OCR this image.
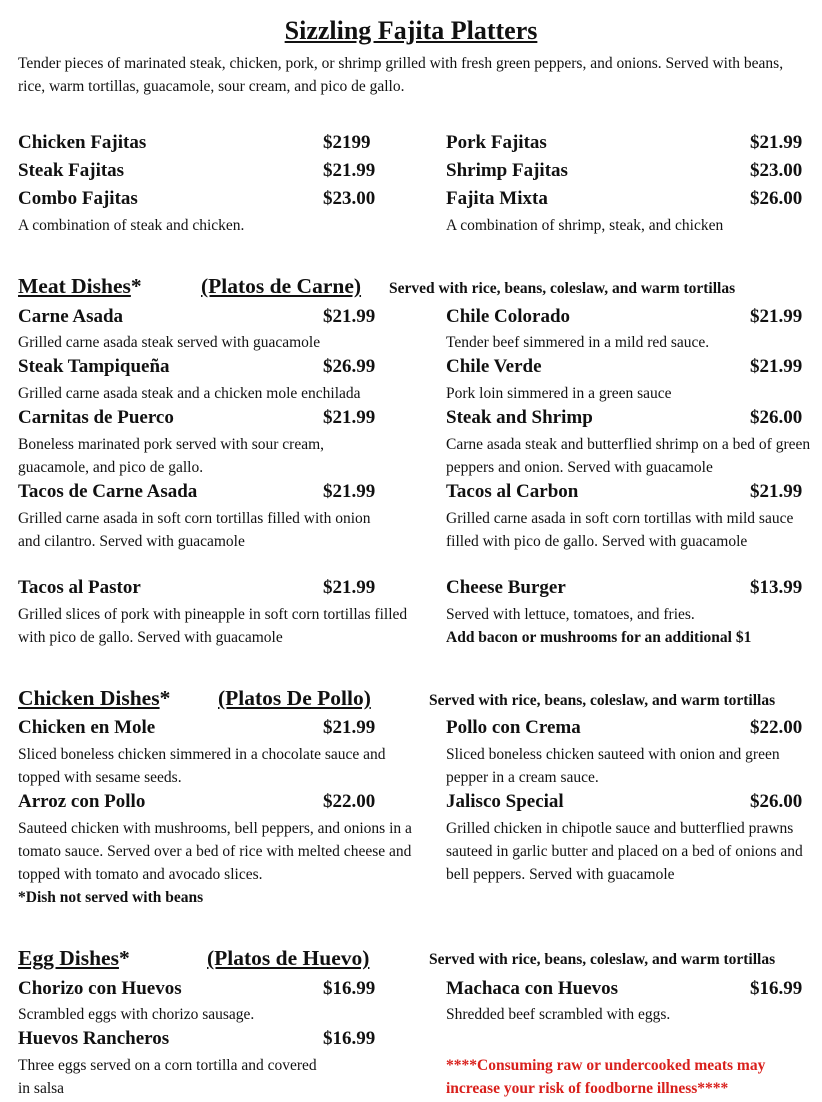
Sizzling Fajita Platters
Tender pieces of marinated steak, chicken, pork, or shrimp grilled with fresh green peppers, and onions. Served with beans, rice, warm tortillas, guacamole, sour cream, and pico de gallo.
Chicken Fajitas	$2199
Steak Fajitas	$21.99
Combo Fajitas	$23.00
A combination of steak and chicken.
Pork Fajitas	$21.99
Shrimp Fajitas	$23.00
Fajita Mixta	$26.00
A combination of shrimp, steak, and chicken
Meat Dishes*	(Platos de Carne) Served with rice, beans, coleslaw, and warm tortillas
Carne Asada	$21.99
Grilled carne asada steak served with guacamole
Steak Tampiqueña	$26.99
Grilled carne asada steak and a chicken mole enchilada
Carnitas de Puerco	$21.99
Boneless marinated pork served with sour cream, guacamole, and pico de gallo.
Tacos de Carne Asada	$21.99
Grilled carne asada in soft corn tortillas filled with onion and cilantro. Served with guacamole
Tacos al Pastor	$21.99
Grilled slices of pork with pineapple in soft corn tortillas filled with pico de gallo. Served with guacamole
Chile Colorado	$21.99
Tender beef simmered in a mild red sauce.
Chile Verde	$21.99
Pork loin simmered in a green sauce
Steak and Shrimp	$26.00
Carne asada steak and butterflied shrimp on a bed of green peppers and onion. Served with guacamole
Tacos al Carbon	$21.99
Grilled carne asada in soft corn tortillas with mild sauce filled with pico de gallo. Served with guacamole
Cheese Burger	$13.99
Served with lettuce, tomatoes, and fries.
Add bacon or mushrooms for an additional $1
Chicken Dishes* (Platos De Pollo)	Served with rice, beans, coleslaw, and warm tortillas
Chicken en Mole	$21.99
Sliced boneless chicken simmered in a chocolate sauce and topped with sesame seeds.
Arroz con Pollo	$22.00
Sauteed chicken with mushrooms, bell peppers, and onions in a tomato sauce. Served over a bed of rice with melted cheese and topped with tomato and avocado slices.
*Dish not served with beans
Pollo con Crema	$22.00
Sliced boneless chicken sauteed with onion and green pepper in a cream sauce.
Jalisco Special	$26.00
Grilled chicken in chipotle sauce and butterflied prawns sauteed in garlic butter and placed on a bed of onions and bell peppers. Served with guacamole
Egg Dishes*	(Platos de Huevo)	Served with rice, beans, coleslaw, and warm tortillas
Chorizo con Huevos	$16.99
Scrambled eggs with chorizo sausage.
Huevos Rancheros	$16.99
Three eggs served on a corn tortilla and covered in salsa
Machaca con Huevos	$16.99
Shredded beef scrambled with eggs.
****Consuming raw or undercooked meats may increase your risk of foodborne illness****
